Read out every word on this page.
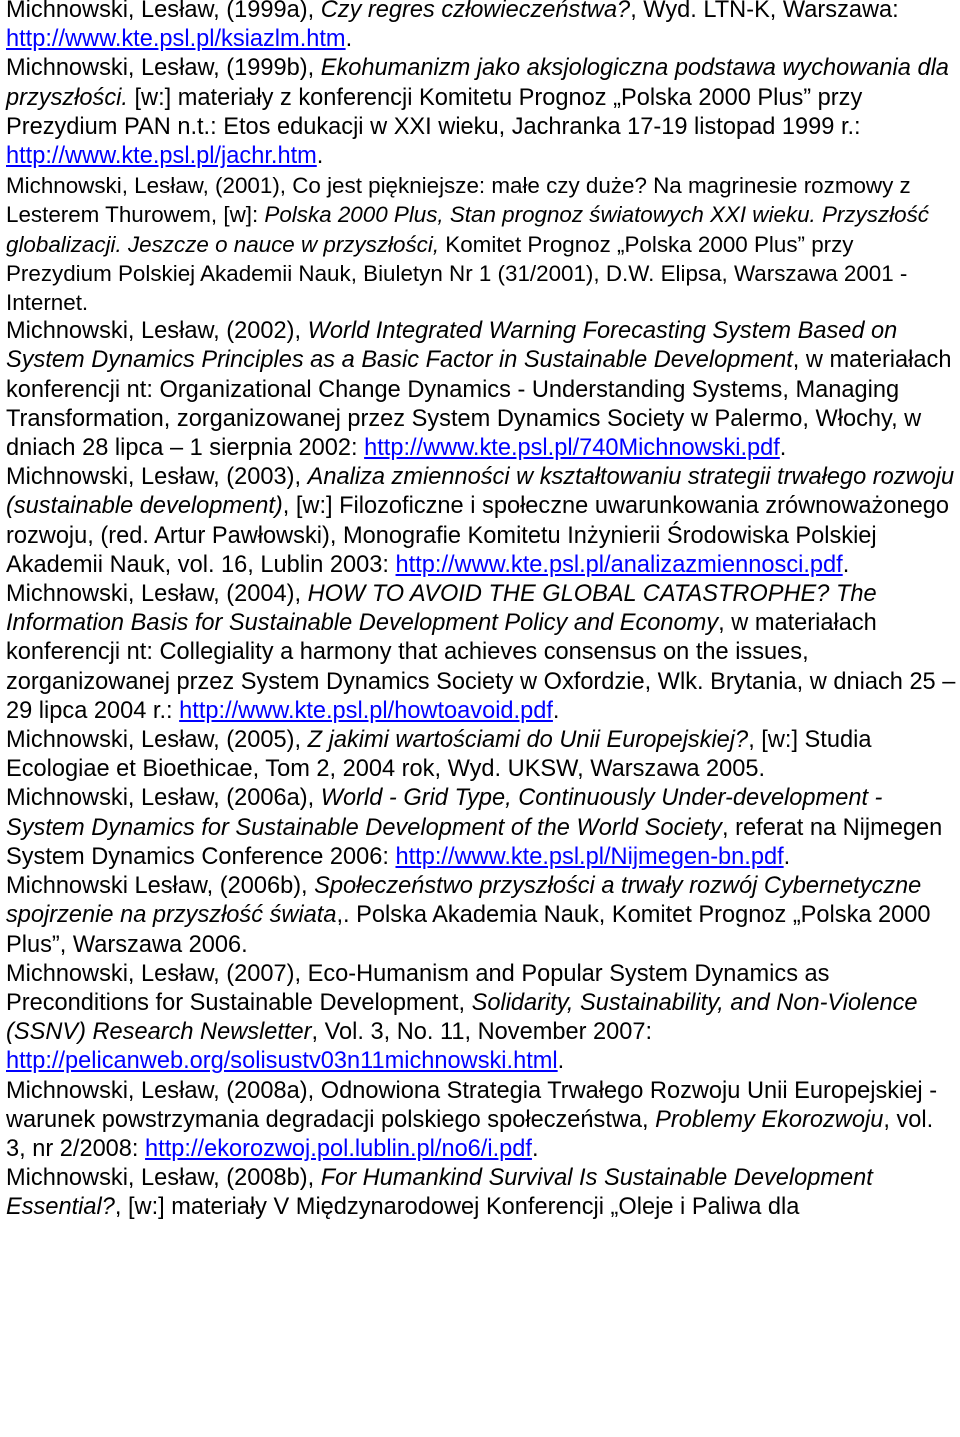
Michnowski, Lesław, (1999a), Czy regres człowieczeństwa?, Wyd. LTN-K, Warszawa: http://www.kte.psl.pl/ksiazlm.htm.

Michnowski, Lesław, (1999b), Ekohumanizm jako aksjologiczna podstawa wychowania dla przyszłości. [w:] materiały z konferencji Komitetu Prognoz „Polska 2000 Plus” przy Prezydium PAN n.t.: Etos edukacji w XXI wieku, Jachranka 17-19 listopad 1999 r.: http://www.kte.psl.pl/jachr.htm.

Michnowski, Lesław, (2001), Co jest piękniejsze: małe czy duże? Na magrinesie rozmowy z Lesterem Thurowem, [w]: Polska 2000 Plus, Stan prognoz światowych XXI wieku. Przyszłość globalizacji. Jeszcze o nauce w przyszłości, Komitet Prognoz „Polska 2000 Plus” przy Prezydium Polskiej Akademii Nauk, Biuletyn Nr 1 (31/2001), D.W. Elipsa, Warszawa 2001 - Internet.

Michnowski, Lesław, (2002), World Integrated Warning Forecasting System Based on System Dynamics Principles as a Basic Factor in Sustainable Development, w materiałach konferencji nt: Organizational Change Dynamics - Understanding Systems, Managing Transformation, zorganizowanej przez System Dynamics Society w Palermo, Włochy, w dniach 28 lipca – 1 sierpnia 2002: http://www.kte.psl.pl/740Michnowski.pdf.

Michnowski, Lesław, (2003), Analiza zmienności w kształtowaniu strategii trwałego rozwoju (sustainable development), [w:] Filozoficzne i społeczne uwarunkowania zrównoważonego rozwoju, (red. Artur Pawłowski), Monografie Komitetu Inżynierii Środowiska Polskiej Akademii Nauk, vol. 16, Lublin 2003: http://www.kte.psl.pl/analizazmiennosci.pdf.

Michnowski, Lesław, (2004), HOW TO AVOID THE GLOBAL CATASTROPHE? The Information Basis for Sustainable Development Policy and Economy, w materiałach konferencji nt: Collegiality a harmony that achieves consensus on the issues, zorganizowanej przez System Dynamics Society w Oxfordzie, Wlk. Brytania, w dniach 25 – 29 lipca 2004 r.: http://www.kte.psl.pl/howtoavoid.pdf.

Michnowski, Lesław, (2005), Z jakimi wartościami do Unii Europejskiej?, [w:] Studia Ecologiae et Bioethicae, Tom 2, 2004 rok, Wyd. UKSW, Warszawa 2005.

Michnowski, Lesław, (2006a), World - Grid Type, Continuously Under-development - System Dynamics for Sustainable Development of the World Society, referat na Nijmegen System Dynamics Conference 2006: http://www.kte.psl.pl/Nijmegen-bn.pdf.

Michnowski Lesław, (2006b), Społeczeństwo przyszłości a trwały rozwój Cybernetyczne spojrzenie na przyszłość świata,. Polska Akademia Nauk, Komitet Prognoz „Polska 2000 Plus”, Warszawa 2006.

Michnowski, Lesław, (2007), Eco-Humanism and Popular System Dynamics as Preconditions for Sustainable Development, Solidarity, Sustainability, and Non-Violence (SSNV) Research Newsletter, Vol. 3, No. 11, November 2007: http://pelicanweb.org/solisustv03n11michnowski.html.

Michnowski, Lesław, (2008a), Odnowiona Strategia Trwałego Rozwoju Unii Europejskiej - warunek powstrzymania degradacji polskiego społeczeństwa, Problemy Ekorozwoju, vol. 3, nr 2/2008: http://ekorozwoj.pol.lublin.pl/no6/i.pdf.

Michnowski, Lesław, (2008b), For Humankind Survival Is Sustainable Development Essential?, [w:] materiały V Międzynarodowej Konferencji „Oleje i Paliwa dla
